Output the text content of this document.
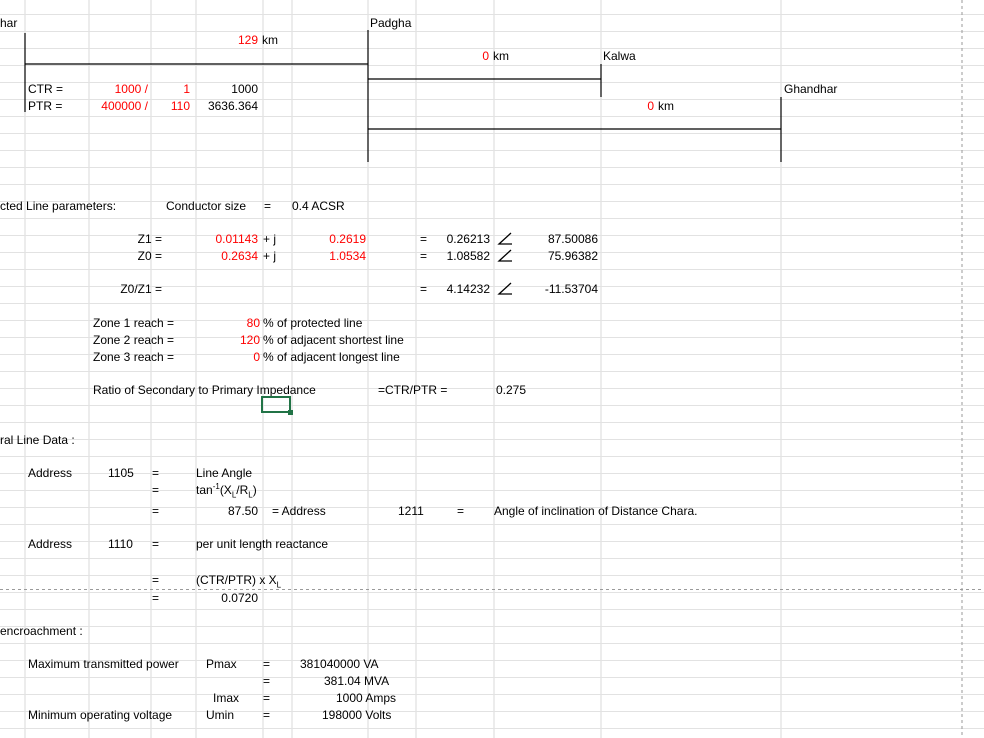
har	Padgha
Kalwa
Ghandhar
129 km
0 km
0 km
CTR =	1000 /	1	1000
PTR =	400000 /	110	3636.364
cted Line parameters:	Conductor size = 0.4 ACSR
Z1 =	0.01143 + j	0.2619	=	0.26213	87.50086
Z0 =	0.2634 + j	1.0534	=	1.08582	75.96382
Z0/Z1 =	=	4.14232	-11.53704
Zone 1 reach =	80 % of protected line
Zone 2 reach =	120 % of adjacent shortest line
Zone 3 reach =	0 % of adjacent longest line
Ratio of Secondary to Primary Impedance	=CTR/PTR =	0.275
ral Line Data :
Address	1105 =	Line Angle
=	$\tan^{-1}(X_L/R_L)$
=	87.50 = Address	1211	= Angle of inclination of Distance Chara.
Address	1110 =	per unit length reactance
=	(CTR/PTR) x $X_L$
=	0.0720
encroachment :
Maximum transmitted power Pmax = 381040000 VA
=	381.04 MVA
Imax =	1000 Amps
Minimum operating voltage	Umin =	198000 Volts
